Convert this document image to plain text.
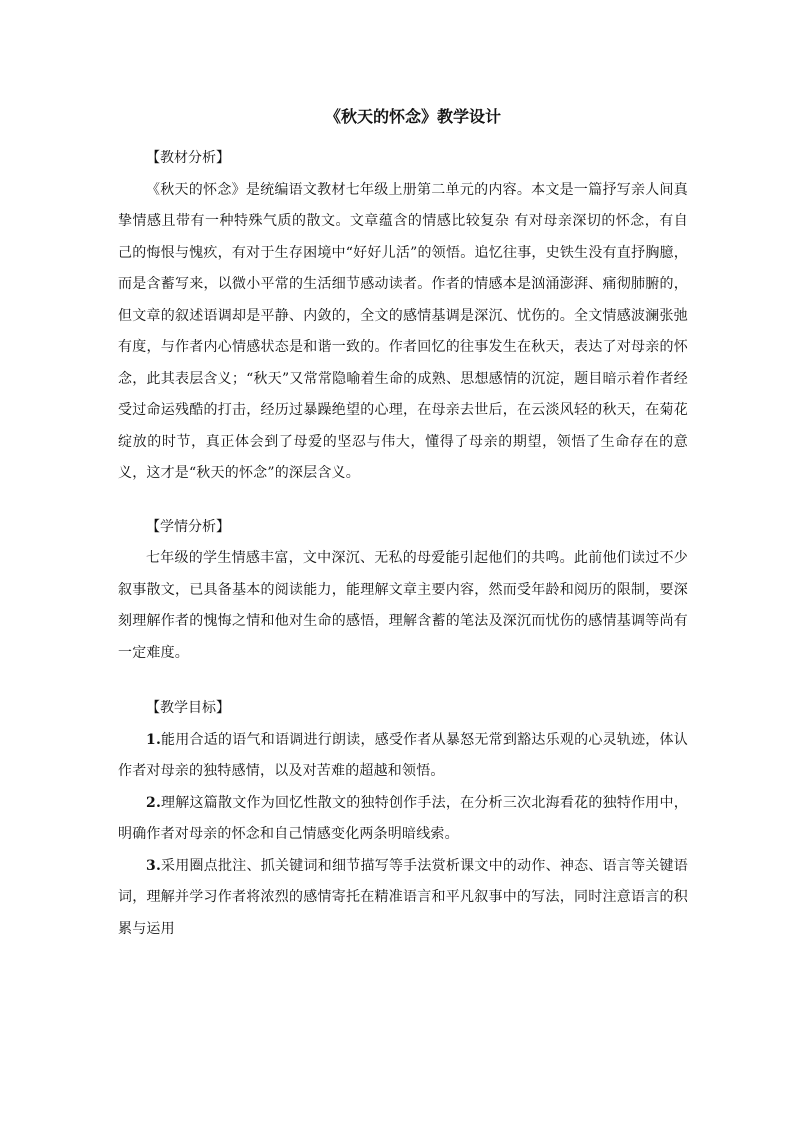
《秋天的怀念》教学设计

【教材分析】

《秋天的怀念》是统编语文教材七年级上册第二单元的内容。本文是一篇抒写亲人间真挚情感且带有一种特殊气质的散文。文章蕴含的情感比较复杂 有对母亲深切的怀念，有自己的悔恨与愧疚，有对于生存困境中“好好儿活”的领悟。追忆往事，史铁生没有直抒胸臆，而是含蓄写来，以微小平常的生活细节感动读者。作者的情感本是汹涌澎湃、痛彻肺腑的，但文章的叙述语调却是平静、内敛的，全文的感情基调是深沉、忧伤的。全文情感波澜张弛有度，与作者内心情感状态是和谐一致的。作者回忆的往事发生在秋天，表达了对母亲的怀念，此其表层含义；“秋天”又常常隐喻着生命的成熟、思想感情的沉淀，题目暗示着作者经受过命运残酷的打击，经历过暴躁绝望的心理，在母亲去世后，在云淡风轻的秋天，在菊花绽放的时节，真正体会到了母爱的坚忍与伟大，懂得了母亲的期望，领悟了生命存在的意义，这才是“秋天的怀念”的深层含义。

【学情分析】

七年级的学生情感丰富，文中深沉、无私的母爱能引起他们的共鸣。此前他们读过不少叙事散文，已具备基本的阅读能力，能理解文章主要内容，然而受年龄和阅历的限制，要深刻理解作者的愧悔之情和他对生命的感悟，理解含蓄的笔法及深沉而忧伤的感情基调等尚有一定难度。

【教学目标】

1.能用合适的语气和语调进行朗读，感受作者从暴怒无常到豁达乐观的心灵轨迹，体认作者对母亲的独特感情，以及对苦难的超越和领悟。

2.理解这篇散文作为回忆性散文的独特创作手法，在分析三次北海看花的独特作用中，明确作者对母亲的怀念和自己情感变化两条明暗线索。

3.采用圈点批注、抓关键词和细节描写等手法赏析课文中的动作、神态、语言等关键语词，理解并学习作者将浓烈的感情寄托在精准语言和平凡叙事中的写法，同时注意语言的积累与运用
